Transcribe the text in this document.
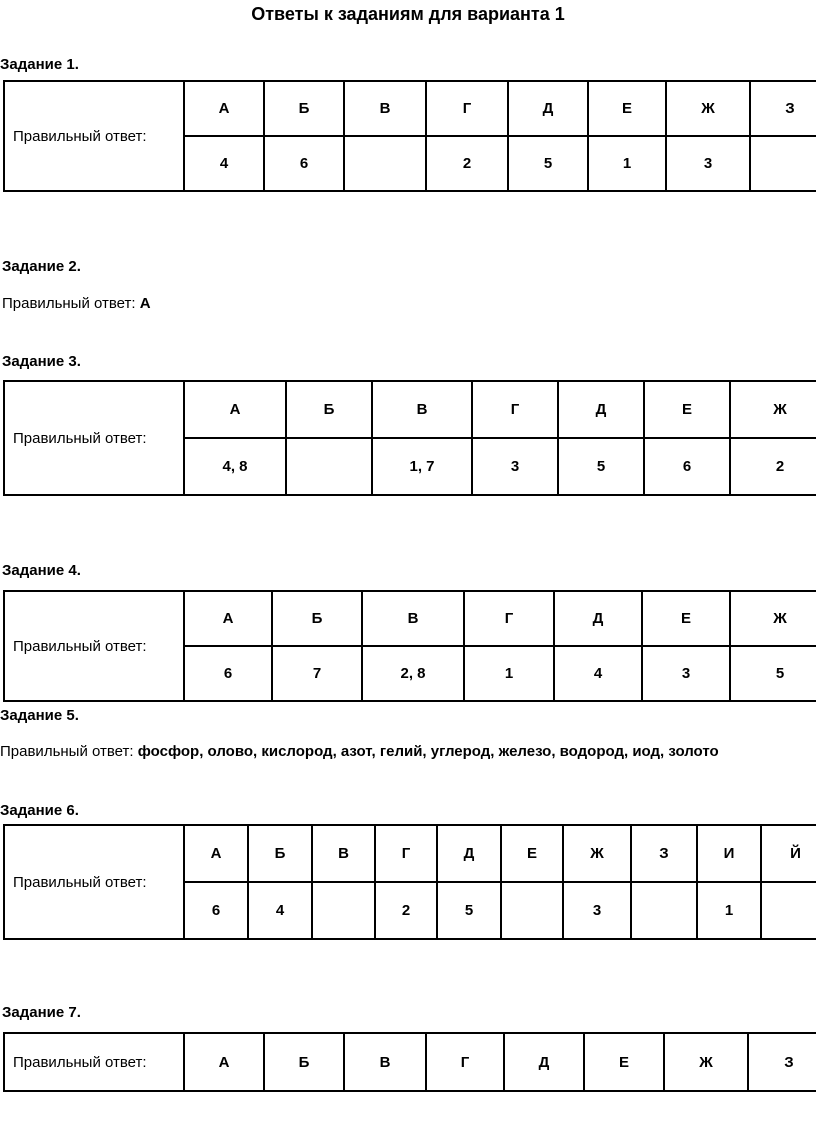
Ответы к заданиям для варианта 1
Задание 1.
Правильный ответ:	А	Б	В	Г	Д	Е	Ж	З
	4	6		2	5	1	3	
Задание 2.
Правильный ответ: А
Задание 3.
Правильный ответ:	А	Б	В	Г	Д	Е	Ж
	4, 8		1, 7	3	5	6	2
Задание 4.
Правильный ответ:	А	Б	В	Г	Д	Е	Ж
	6	7	2, 8	1	4	3	5
Задание 5.
Правильный ответ: фосфор, олово, кислород, азот, гелий, углерод, железо, водород, иод, золото
Задание 6.
Правильный ответ:	А	Б	В	Г	Д	Е	Ж	З	И	Й
	6	4		2	5		3		1	
Задание 7.
Правильный ответ:	А	Б	В	Г	Д	Е	Ж	З
